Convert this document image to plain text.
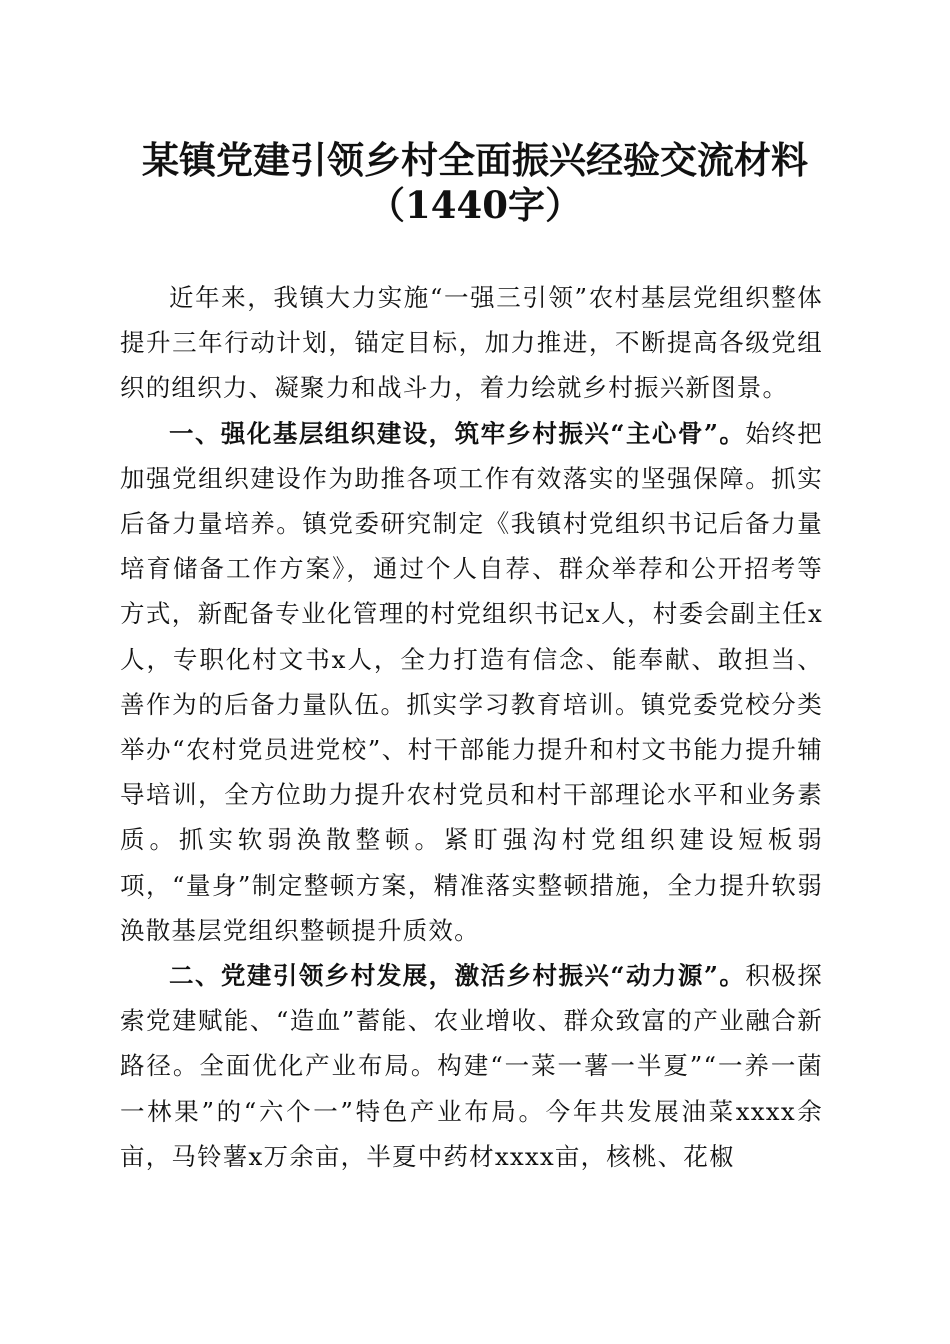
某镇党建引领乡村全面振兴经验交流材料
（1440字）

近年来，我镇大力实施“一强三引领”农村基层党组织整体提升三年行动计划，锚定目标，加力推进，不断提高各级党组织的组织力、凝聚力和战斗力，着力绘就乡村振兴新图景。

一、强化基层组织建设，筑牢乡村振兴“主心骨”。始终把加强党组织建设作为助推各项工作有效落实的坚强保障。抓实后备力量培养。镇党委研究制定《我镇村党组织书记后备力量培育储备工作方案》，通过个人自荐、群众举荐和公开招考等方式，新配备专业化管理的村党组织书记x人，村委会副主任x人，专职化村文书x人，全力打造有信念、能奉献、敢担当、善作为的后备力量队伍。抓实学习教育培训。镇党委党校分类举办“农村党员进党校”、村干部能力提升和村文书能力提升辅导培训，全方位助力提升农村党员和村干部理论水平和业务素质。抓实软弱涣散整顿。紧盯强沟村党组织建设短板弱项，“量身”制定整顿方案，精准落实整顿措施，全力提升软弱涣散基层党组织整顿提升质效。

二、党建引领乡村发展，激活乡村振兴“动力源”。积极探索党建赋能、“造血”蓄能、农业增收、群众致富的产业融合新路径。全面优化产业布局。构建“一菜一薯一半夏”“一养一菌一林果”的“六个一”特色产业布局。今年共发展油菜xxxx余亩，马铃薯x万余亩，半夏中药材xxxx亩，核桃、花椒
